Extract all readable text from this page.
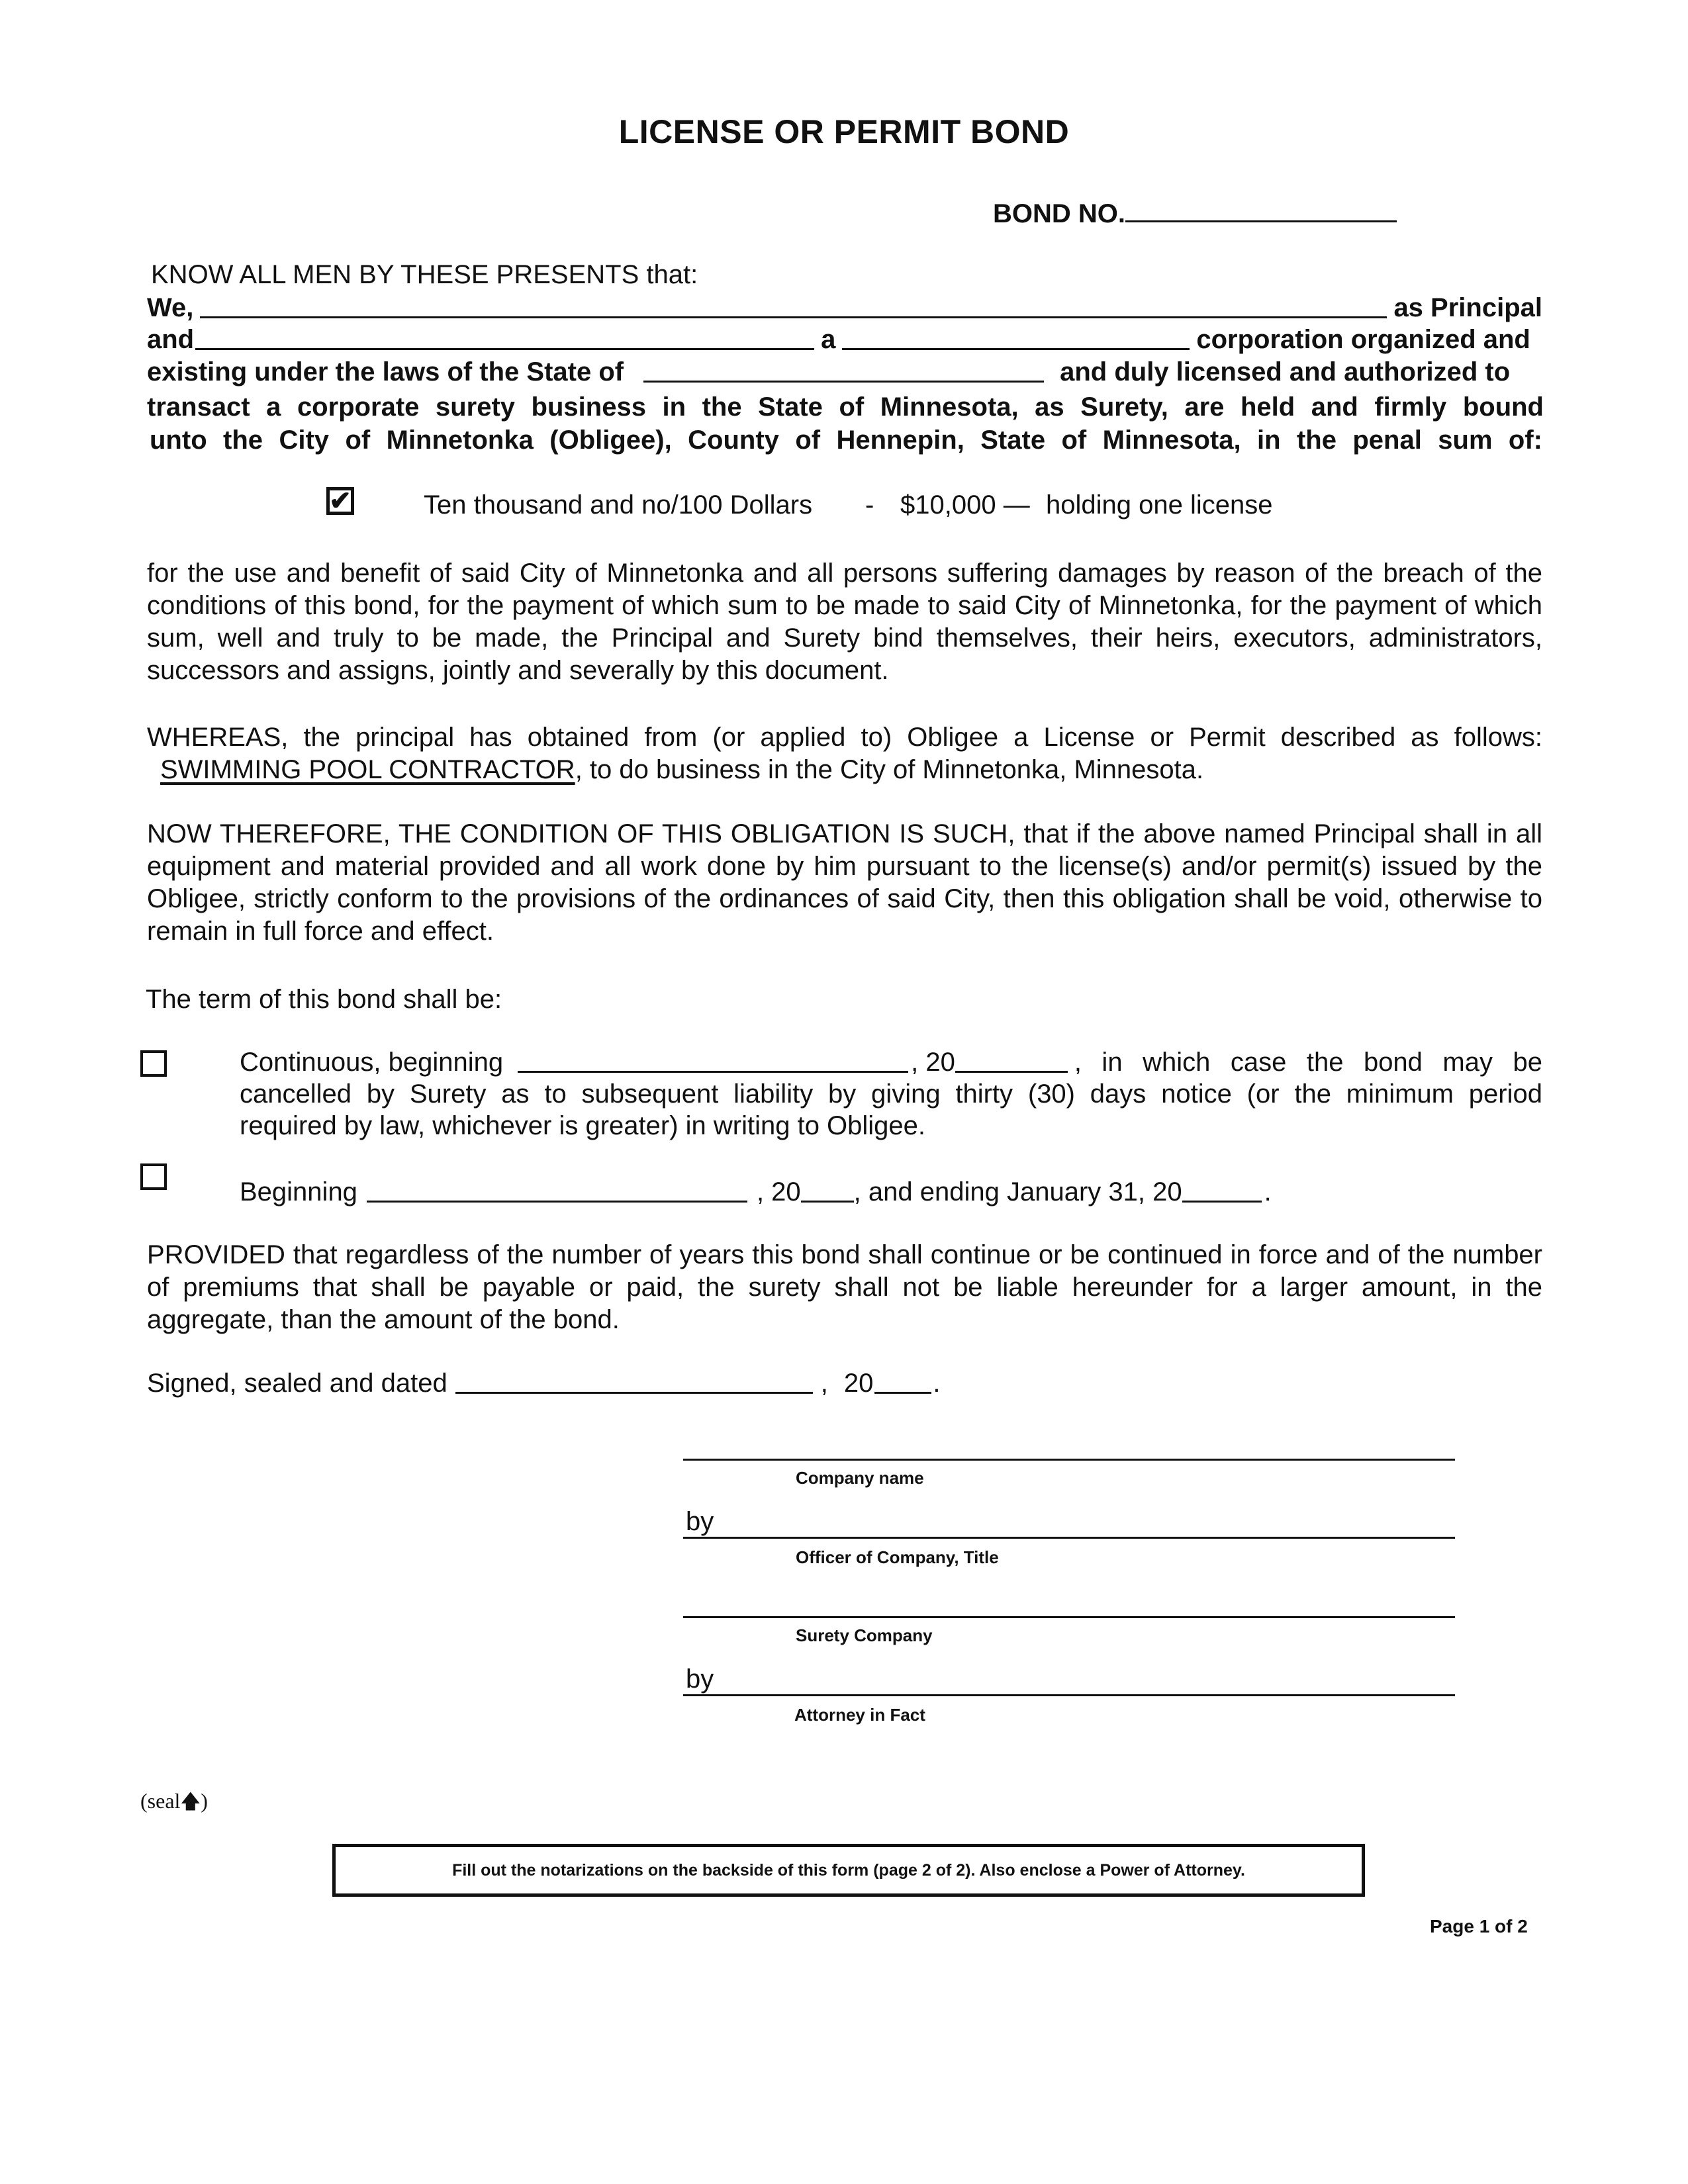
LICENSE OR PERMIT BOND
BOND NO.
KNOW ALL MEN BY THESE PRESENTS that:
We,	as Principal
and	a	corporation organized and
existing under the laws of the State of	and duly licensed and authorized to
transact a corporate surety business in the State of Minnesota, as Surety, are held and firmly bound
unto the City of Minnetonka (Obligee), County of Hennepin, State of Minnesota, in the penal sum of:
✔	Ten thousand and no/100 Dollars - $10,000 — holding one license
for the use and benefit of said City of Minnetonka and all persons suffering damages by reason of the breach of the conditions of this bond, for the payment of which sum to be made to said City of Minnetonka, for the payment of which sum, well and truly to be made, the Principal and Surety bind themselves, their heirs, executors, administrators, successors and assigns, jointly and severally by this document.
WHEREAS, the principal has obtained from (or applied to) Obligee a License or Permit described as follows:
SWIMMING POOL CONTRACTOR, to do business in the City of Minnetonka, Minnesota.
NOW THEREFORE, THE CONDITION OF THIS OBLIGATION IS SUCH, that if the above named Principal shall in all equipment and material provided and all work done by him pursuant to the license(s) and/or permit(s) issued by the Obligee, strictly conform to the provisions of the ordinances of said City, then this obligation shall be void, otherwise to remain in full force and effect.
The term of this bond shall be:
Continuous, beginning	, 20	, in which case the bond may be
cancelled by Surety as to subsequent liability by giving thirty (30) days notice (or the minimum period
required by law, whichever is greater) in writing to Obligee.
Beginning	, 20 , and ending January 31, 20	.
PROVIDED that regardless of the number of years this bond shall continue or be continued in force and of the number of premiums that shall be payable or paid, the surety shall not be liable hereunder for a larger amount, in the aggregate, than the amount of the bond.
Signed, sealed and dated	, 20 .
Company name
by
Officer of Company, Title
Surety Company
by
Attorney in Fact
(seal🡅)
Fill out the notarizations on the backside of this form (page 2 of 2). Also enclose a Power of Attorney.
Page 1 of 2
